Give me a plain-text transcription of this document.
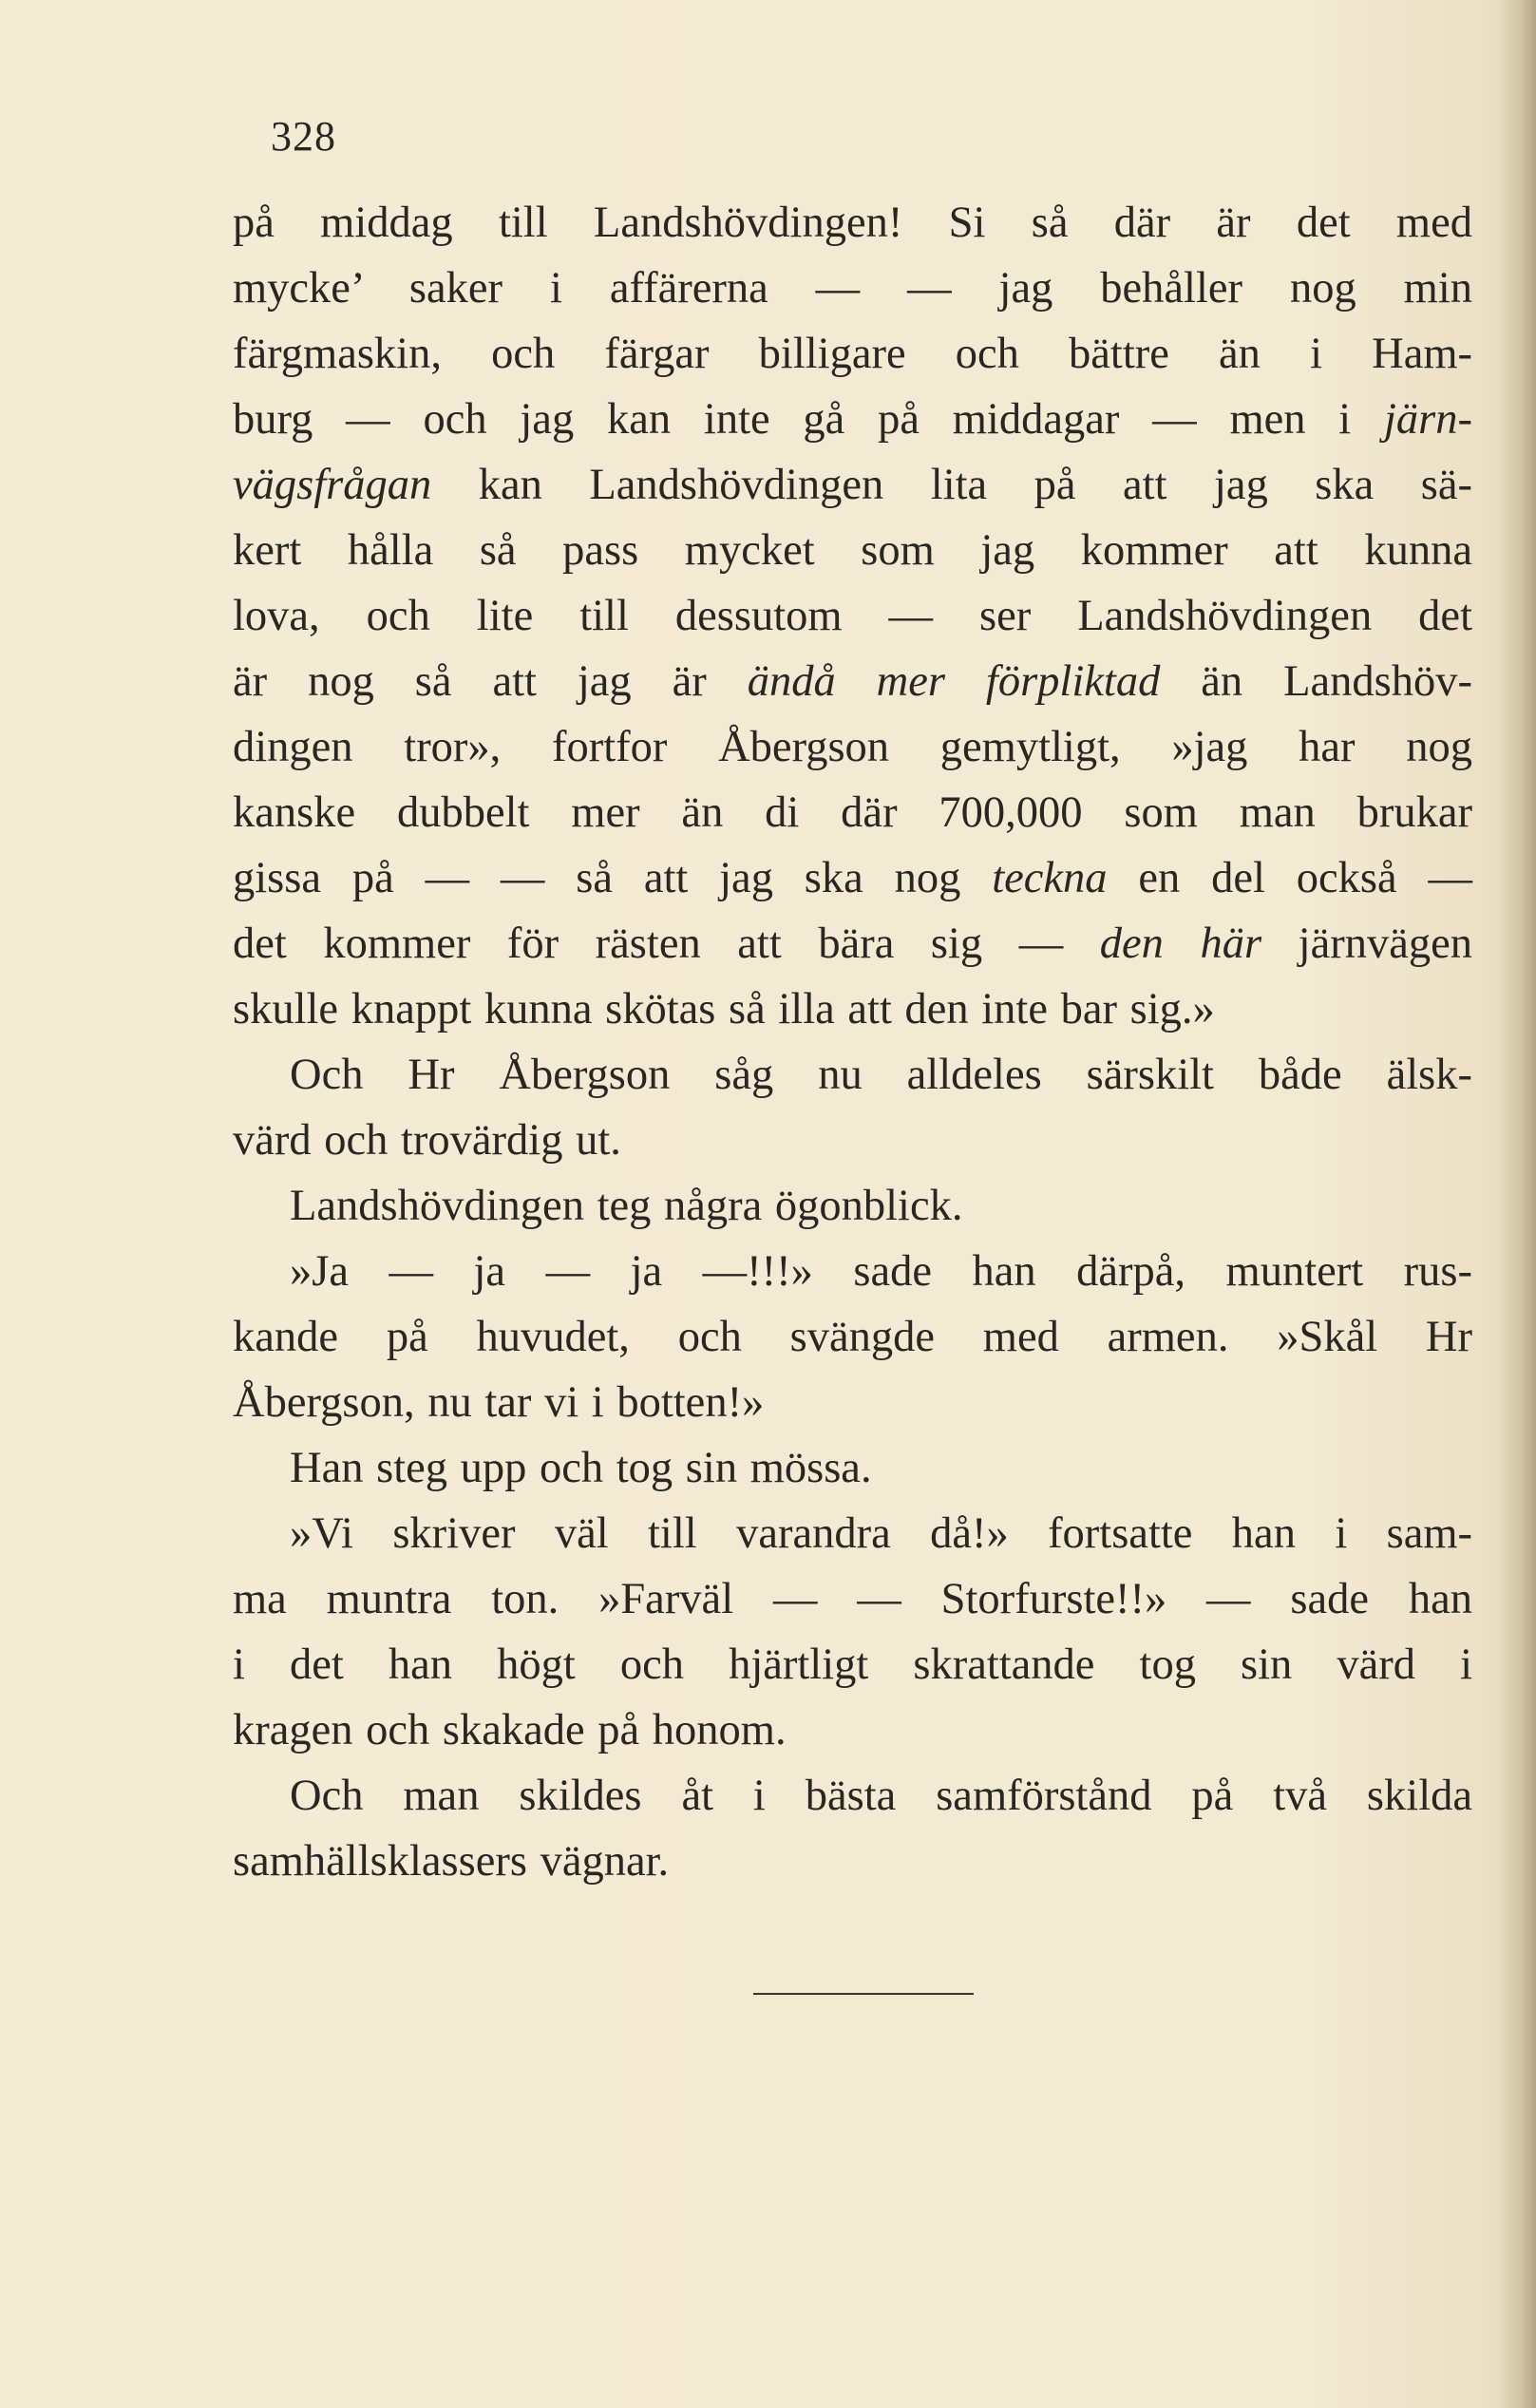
328
på middag till Landshövdingen! Si så där är det med
mycke’ saker i affärerna — — jag behåller nog min
färgmaskin, och färgar billigare och bättre än i Ham-
burg — och jag kan inte gå på middagar — men i järn-
vägsfrågan kan Landshövdingen lita på att jag ska sä-
kert hålla så pass mycket som jag kommer att kunna
lova, och lite till dessutom — ser Landshövdingen det
är nog så att jag är ändå mer förpliktad än Landshöv-
dingen tror», fortfor Åbergson gemytligt, »jag har nog
kanske dubbelt mer än di där 700,000 som man brukar
gissa på — — så att jag ska nog teckna en del också —
det kommer för rästen att bära sig — den här järnvägen
skulle knappt kunna skötas så illa att den inte bar sig.»
Och Hr Åbergson såg nu alldeles särskilt både älsk-
värd och trovärdig ut.
Landshövdingen teg några ögonblick.
»Ja — ja — ja —!!!» sade han därpå, muntert rus-
kande på huvudet, och svängde med armen. »Skål Hr
Åbergson, nu tar vi i botten!»
Han steg upp och tog sin mössa.
»Vi skriver väl till varandra då!» fortsatte han i sam-
ma muntra ton. »Farväl — — Storfurste!!» — sade han
i det han högt och hjärtligt skrattande tog sin värd i
kragen och skakade på honom.
Och man skildes åt i bästa samförstånd på två skilda
samhällsklassers vägnar.
